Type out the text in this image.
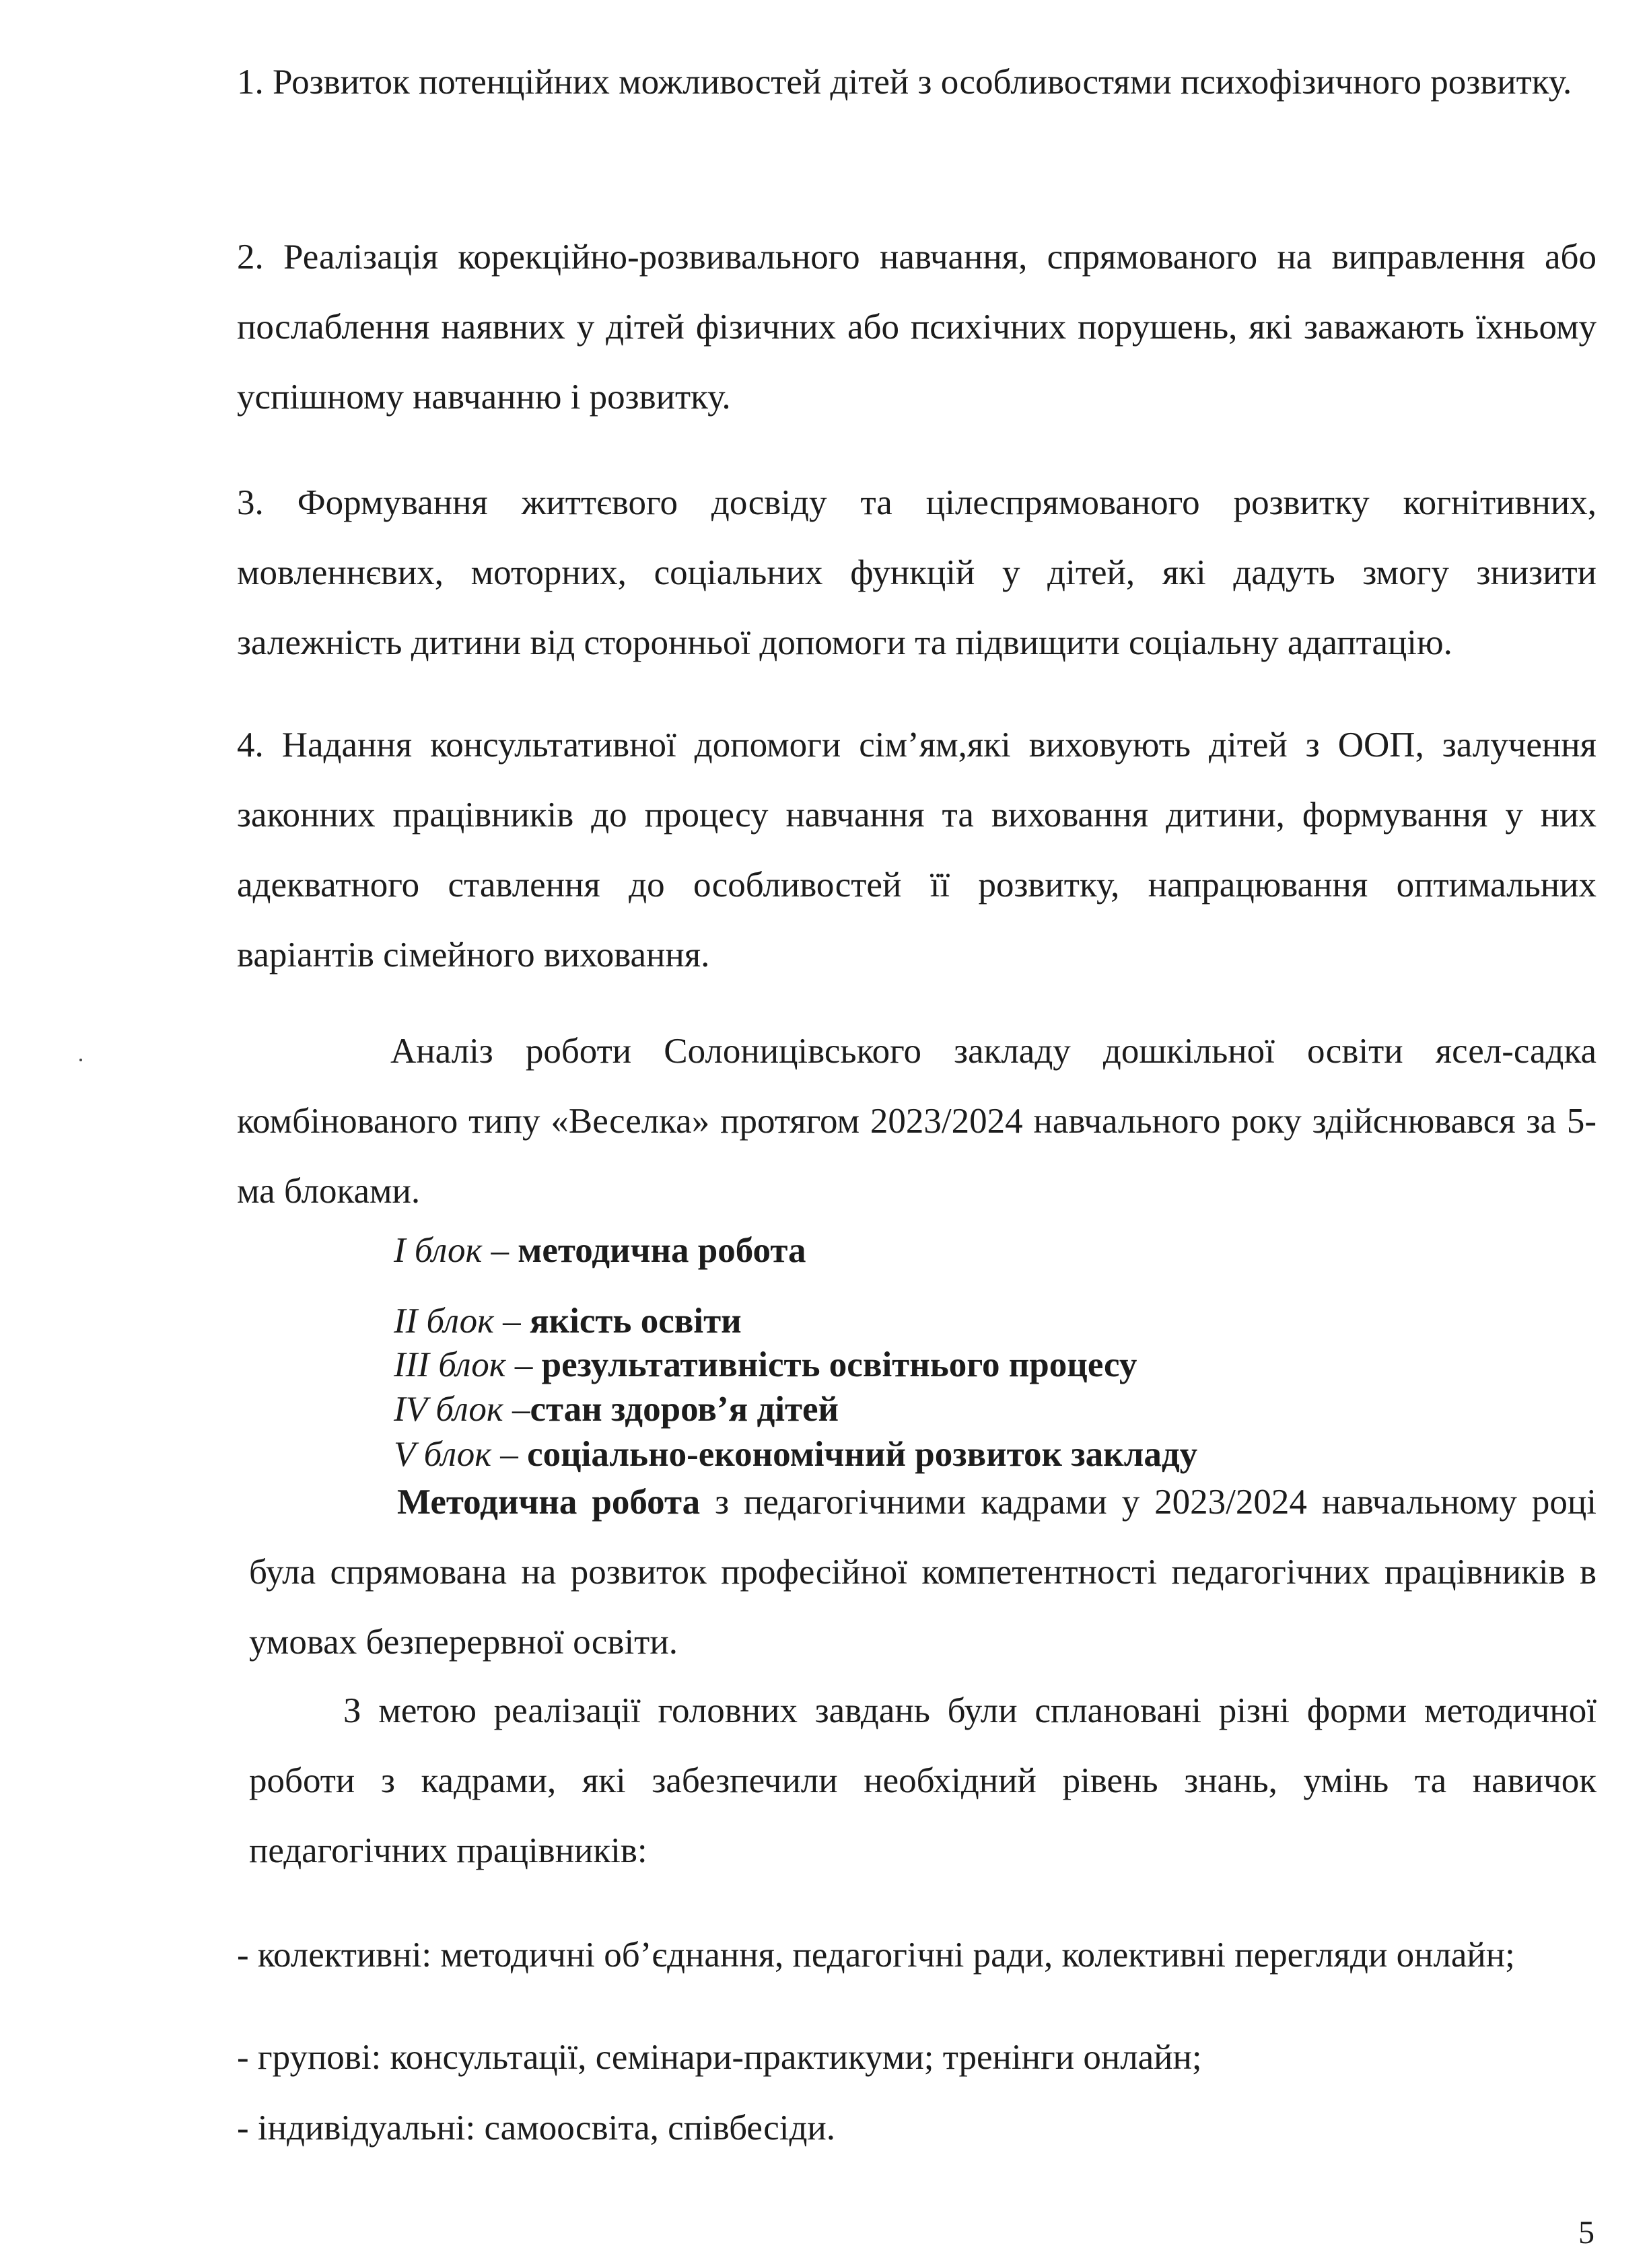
1. Розвиток потенційних можливостей дітей з особливостями психофізичного розвитку.

2. Реалізація корекційно-розвивального навчання, спрямованого на виправлення або послаблення наявних у дітей фізичних або психічних порушень, які заважають їхньому успішному навчанню і розвитку.

3. Формування життєвого досвіду та цілеспрямованого розвитку когнітивних, мовленнєвих, моторних, соціальних функцій у дітей, які дадуть змогу знизити залежність дитини від сторонньої допомоги та підвищити соціальну адаптацію.

4. Надання консультативної допомоги сім’ям,які виховують дітей з ООП, залучення законних працівників до процесу навчання та виховання дитини, формування у них адекватного ставлення до особливостей її розвитку, напрацювання оптимальних варіантів сімейного виховання.

Аналіз роботи Солоницівського закладу дошкільної освіти ясел-садка комбінованого типу «Веселка» протягом 2023/2024 навчального року здійснювався за 5-ма блоками.

І блок – методична робота
ІІ блок – якість освіти
ІІІ блок – результативність освітнього процесу
ІV блок –стан здоров’я дітей
V блок – соціально-економічний розвиток закладу

Методична робота з педагогічними кадрами у 2023/2024 навчальному році була спрямована на розвиток професійної компетентності педагогічних працівників в умовах безперервної освіти.

З метою реалізації головних завдань були сплановані різні форми методичної роботи з кадрами, які забезпечили необхідний рівень знань, умінь та навичок педагогічних працівників:

- колективні: методичні об’єднання, педагогічні ради, колективні перегляди онлайн;

- групові: консультації, семінари-практикуми; тренінги онлайн;

- індивідуальні: самоосвіта, співбесіди.

5
